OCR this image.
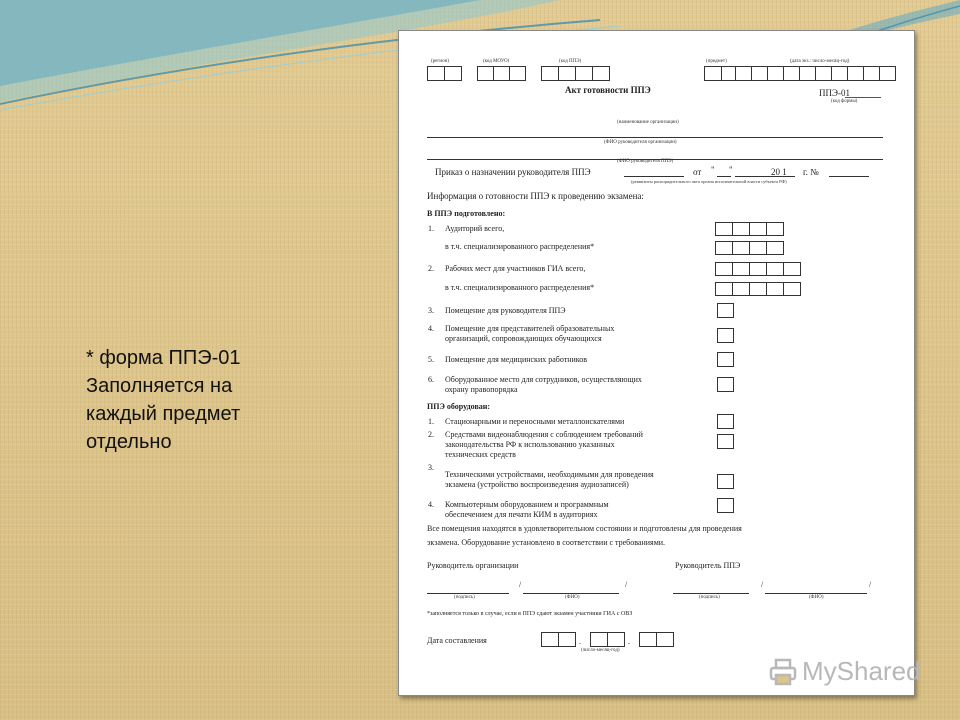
* форма ППЭ-01
Заполняется на
каждый предмет
отдельно
(регион)	(код МОУО)	(код ППЭ)	(предмет)	(дата экз.: число-месяц-год)
Акт готовности ППЭ	ППЭ-01
(код формы)
(наименование организации)
(ФИО руководителя организации)
(ФИО руководителя ППЭ)
Приказ о назначении руководителя ППЭ	от " "	20 1 г. №
(реквизиты распорядительного акта органа исполнительной власти субъекта РФ)
Информация о готовности ППЭ к проведению экзамена:
В ППЭ подготовлено:
1. Аудиторий всего,
в т.ч. специализированного распределения*
2. Рабочих мест для участников ГИА всего,
в т.ч. специализированного распределения*
3. Помещение для руководителя ППЭ
4. Помещение для представителей образовательных
организаций, сопровождающих обучающихся
5. Помещение для медицинских работников
6. Оборудованное место для сотрудников, осуществляющих
охрану правопорядка
ППЭ оборудован:
1. Стационарными и переносными металлоискателями
2. Средствами видеонаблюдения с соблюдением требований
законодательства РФ к использованию указанных
технических средств
3.
Техническими устройствами, необходимыми для проведения
экзамена (устройство воспроизведения аудиозаписей)
4. Компьютерным оборудованием и программным
обеспечением для печати КИМ в аудиториях
Все помещения находятся в удовлетворительном состоянии и подготовлены для проведения
экзамена. Оборудование установлено в соответствии с требованиями.
Руководитель организации	Руководитель ППЭ
/	/	/	/
(подпись)	(ФИО)	(подпись)	(ФИО)
*заполняется только в случае, если в ППЭ сдают экзамен участники ГИА с ОВЗ
Дата составления	.	.
(число-месяц-год)
MyShared
